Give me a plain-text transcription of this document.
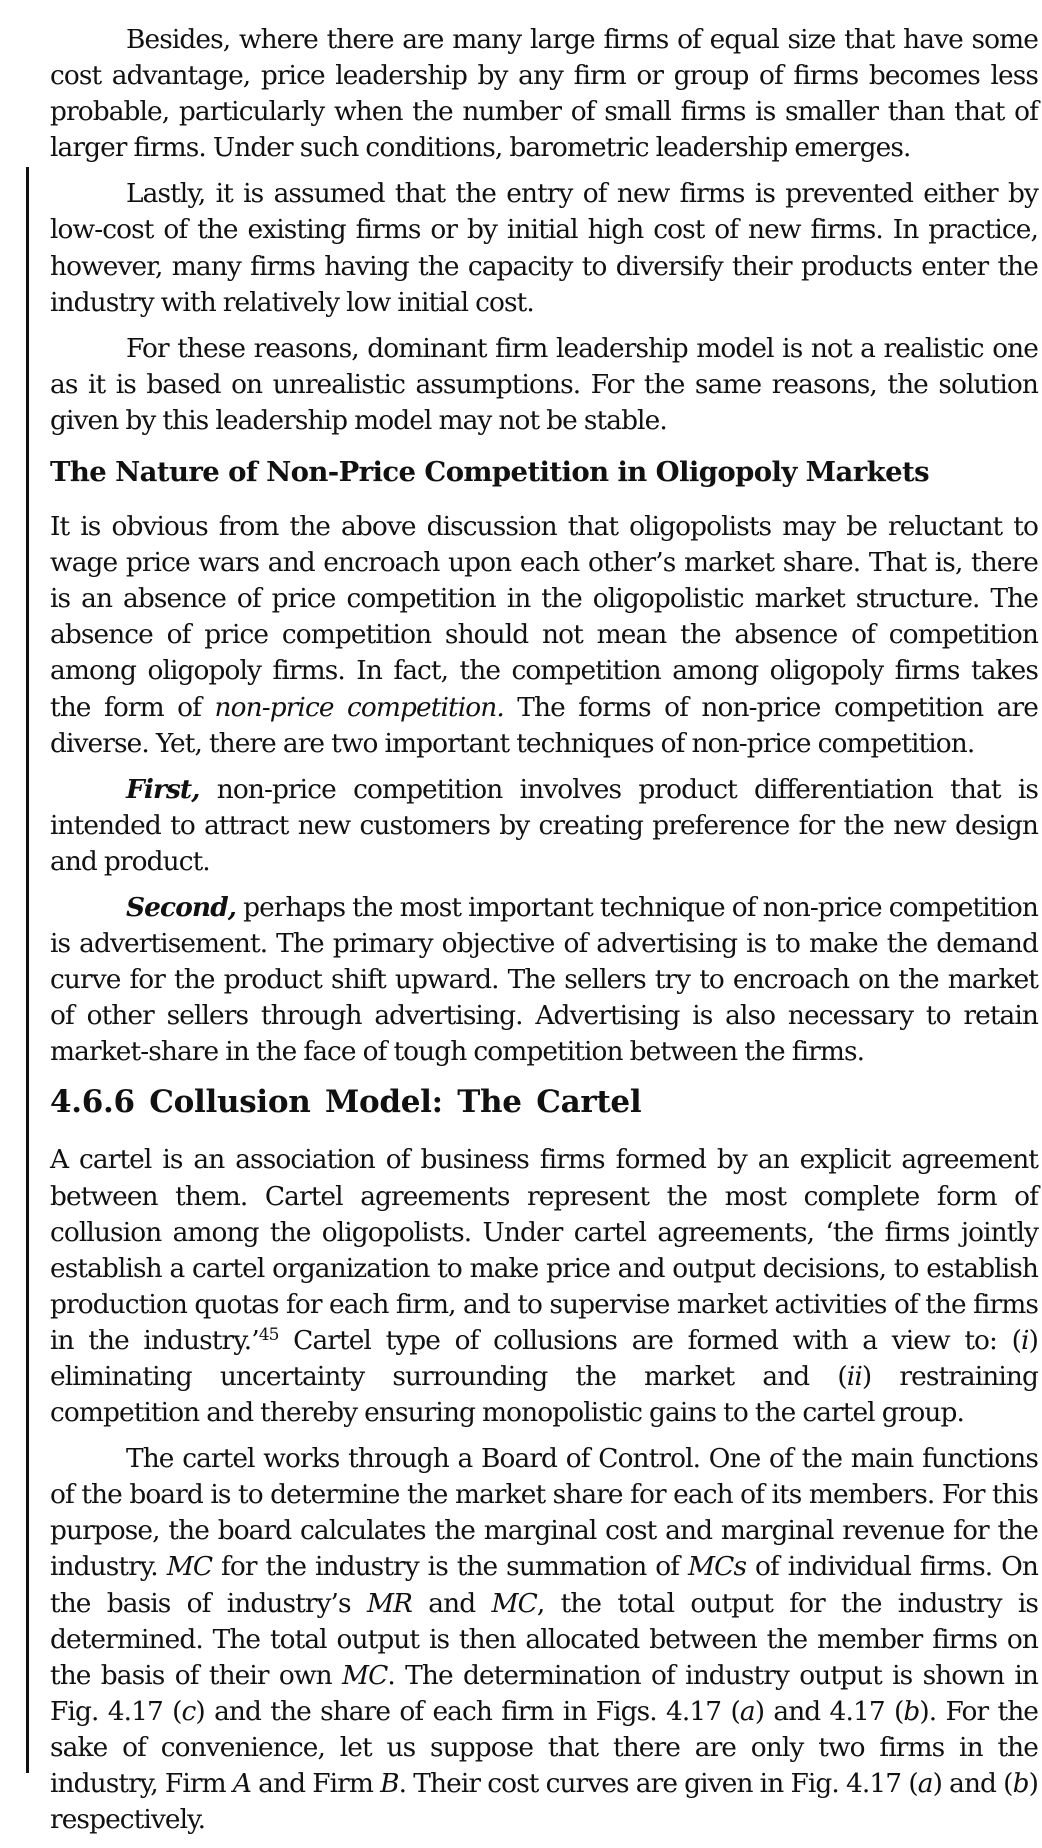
Besides, where there are many large firms of equal size that have some cost advantage, price leadership by any firm or group of firms becomes less probable, particularly when the number of small firms is smaller than that of larger firms. Under such conditions, barometric leadership emerges.

Lastly, it is assumed that the entry of new firms is prevented either by low-cost of the existing firms or by initial high cost of new firms. In practice, however, many firms having the capacity to diversify their products enter the industry with relatively low initial cost.

For these reasons, dominant firm leadership model is not a realistic one as it is based on unrealistic assumptions. For the same reasons, the solution given by this leadership model may not be stable.

The Nature of Non-Price Competition in Oligopoly Markets

It is obvious from the above discussion that oligopolists may be reluctant to wage price wars and encroach upon each other’s market share. That is, there is an absence of price competition in the oligopolistic market structure. The absence of price competition should not mean the absence of competition among oligopoly firms. In fact, the competition among oligopoly firms takes the form of non-price competition. The forms of non-price competition are diverse. Yet, there are two important techniques of non-price competition.

First, non-price competition involves product differentiation that is intended to attract new customers by creating preference for the new design and product.

Second, perhaps the most important technique of non-price competition is advertisement. The primary objective of advertising is to make the demand curve for the product shift upward. The sellers try to encroach on the market of other sellers through advertising. Advertising is also necessary to retain market-share in the face of tough competition between the firms.

4.6.6 Collusion Model: The Cartel

A cartel is an association of business firms formed by an explicit agreement between them. Cartel agreements represent the most complete form of collusion among the oligopolists. Under cartel agreements, ‘the firms jointly establish a cartel organization to make price and output decisions, to establish production quotas for each firm, and to supervise market activities of the firms in the industry.’$^{45}$ Cartel type of collusions are formed with a view to: (i) eliminating uncertainty surrounding the market and (ii) restraining competition and thereby ensuring monopolistic gains to the cartel group.

The cartel works through a Board of Control. One of the main functions of the board is to determine the market share for each of its members. For this purpose, the board calculates the marginal cost and marginal revenue for the industry. MC for the industry is the summation of MCs of individual firms. On the basis of industry’s MR and MC, the total output for the industry is determined. The total output is then allocated between the member firms on the basis of their own MC. The determination of industry output is shown in Fig. 4.17 (c) and the share of each firm in Figs. 4.17 (a) and 4.17 (b). For the sake of convenience, let us suppose that there are only two firms in the industry, Firm A and Firm B. Their cost curves are given in Fig. 4.17 (a) and (b) respectively.
